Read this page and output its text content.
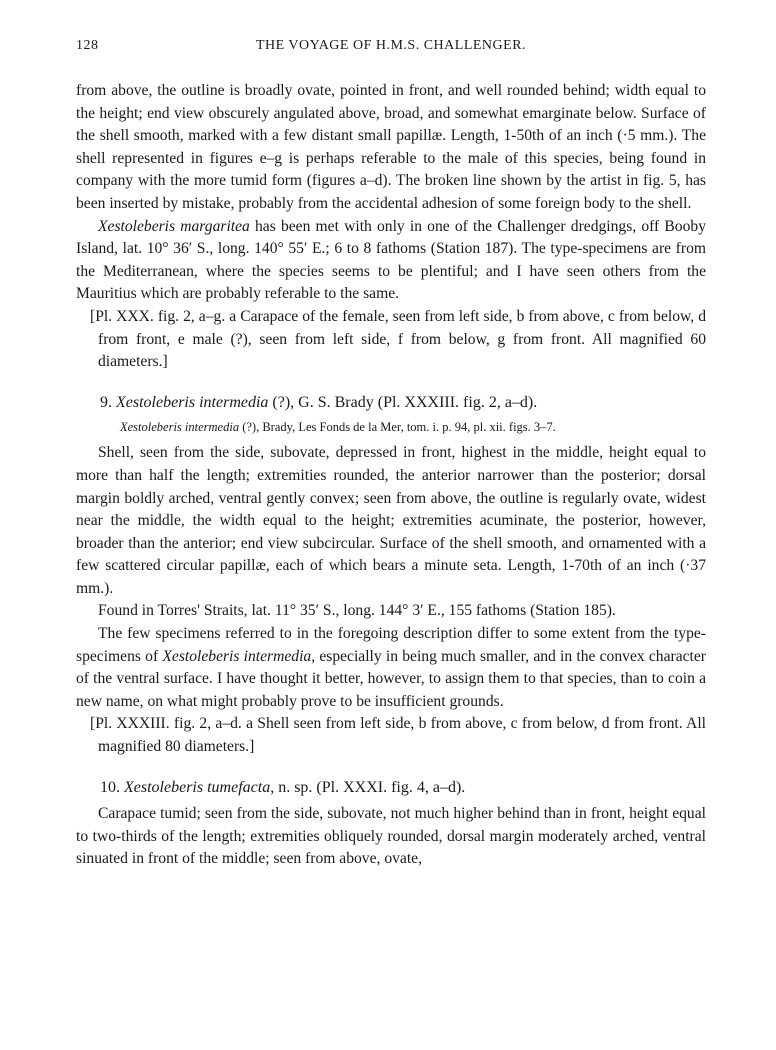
128	THE VOYAGE OF H.M.S. CHALLENGER.

from above, the outline is broadly ovate, pointed in front, and well rounded behind; width equal to the height; end view obscurely angulated above, broad, and somewhat emarginate below. Surface of the shell smooth, marked with a few distant small papillæ. Length, 1-50th of an inch (·5 mm.). The shell represented in figures e–g is perhaps referable to the male of this species, being found in company with the more tumid form (figures a–d). The broken line shown by the artist in fig. 5, has been inserted by mistake, probably from the accidental adhesion of some foreign body to the shell.

Xestoleberis margaritea has been met with only in one of the Challenger dredgings, off Booby Island, lat. 10° 36′ S., long. 140° 55′ E.; 6 to 8 fathoms (Station 187). The type-specimens are from the Mediterranean, where the species seems to be plentiful; and I have seen others from the Mauritius which are probably referable to the same.

[Pl. XXX. fig. 2, a–g. a Carapace of the female, seen from left side, b from above, c from below, d from front, e male (?), seen from left side, f from below, g from front. All magnified 60 diameters.]

9. Xestoleberis intermedia (?), G. S. Brady (Pl. XXXIII. fig. 2, a–d).
Xestoleberis intermedia (?), Brady, Les Fonds de la Mer, tom. i. p. 94, pl. xii. figs. 3–7.

Shell, seen from the side, subovate, depressed in front, highest in the middle, height equal to more than half the length; extremities rounded, the anterior narrower than the posterior; dorsal margin boldly arched, ventral gently convex; seen from above, the outline is regularly ovate, widest near the middle, the width equal to the height; extremities acuminate, the posterior, however, broader than the anterior; end view subcircular. Surface of the shell smooth, and ornamented with a few scattered circular papillæ, each of which bears a minute seta. Length, 1-70th of an inch (·37 mm.).

Found in Torres' Straits, lat. 11° 35′ S., long. 144° 3′ E., 155 fathoms (Station 185).

The few specimens referred to in the foregoing description differ to some extent from the type-specimens of Xestoleberis intermedia, especially in being much smaller, and in the convex character of the ventral surface. I have thought it better, however, to assign them to that species, than to coin a new name, on what might probably prove to be insufficient grounds.

[Pl. XXXIII. fig. 2, a–d. a Shell seen from left side, b from above, c from below, d from front. All magnified 80 diameters.]

10. Xestoleberis tumefacta, n. sp. (Pl. XXXI. fig. 4, a–d).

Carapace tumid; seen from the side, subovate, not much higher behind than in front, height equal to two-thirds of the length; extremities obliquely rounded, dorsal margin moderately arched, ventral sinuated in front of the middle; seen from above, ovate,
